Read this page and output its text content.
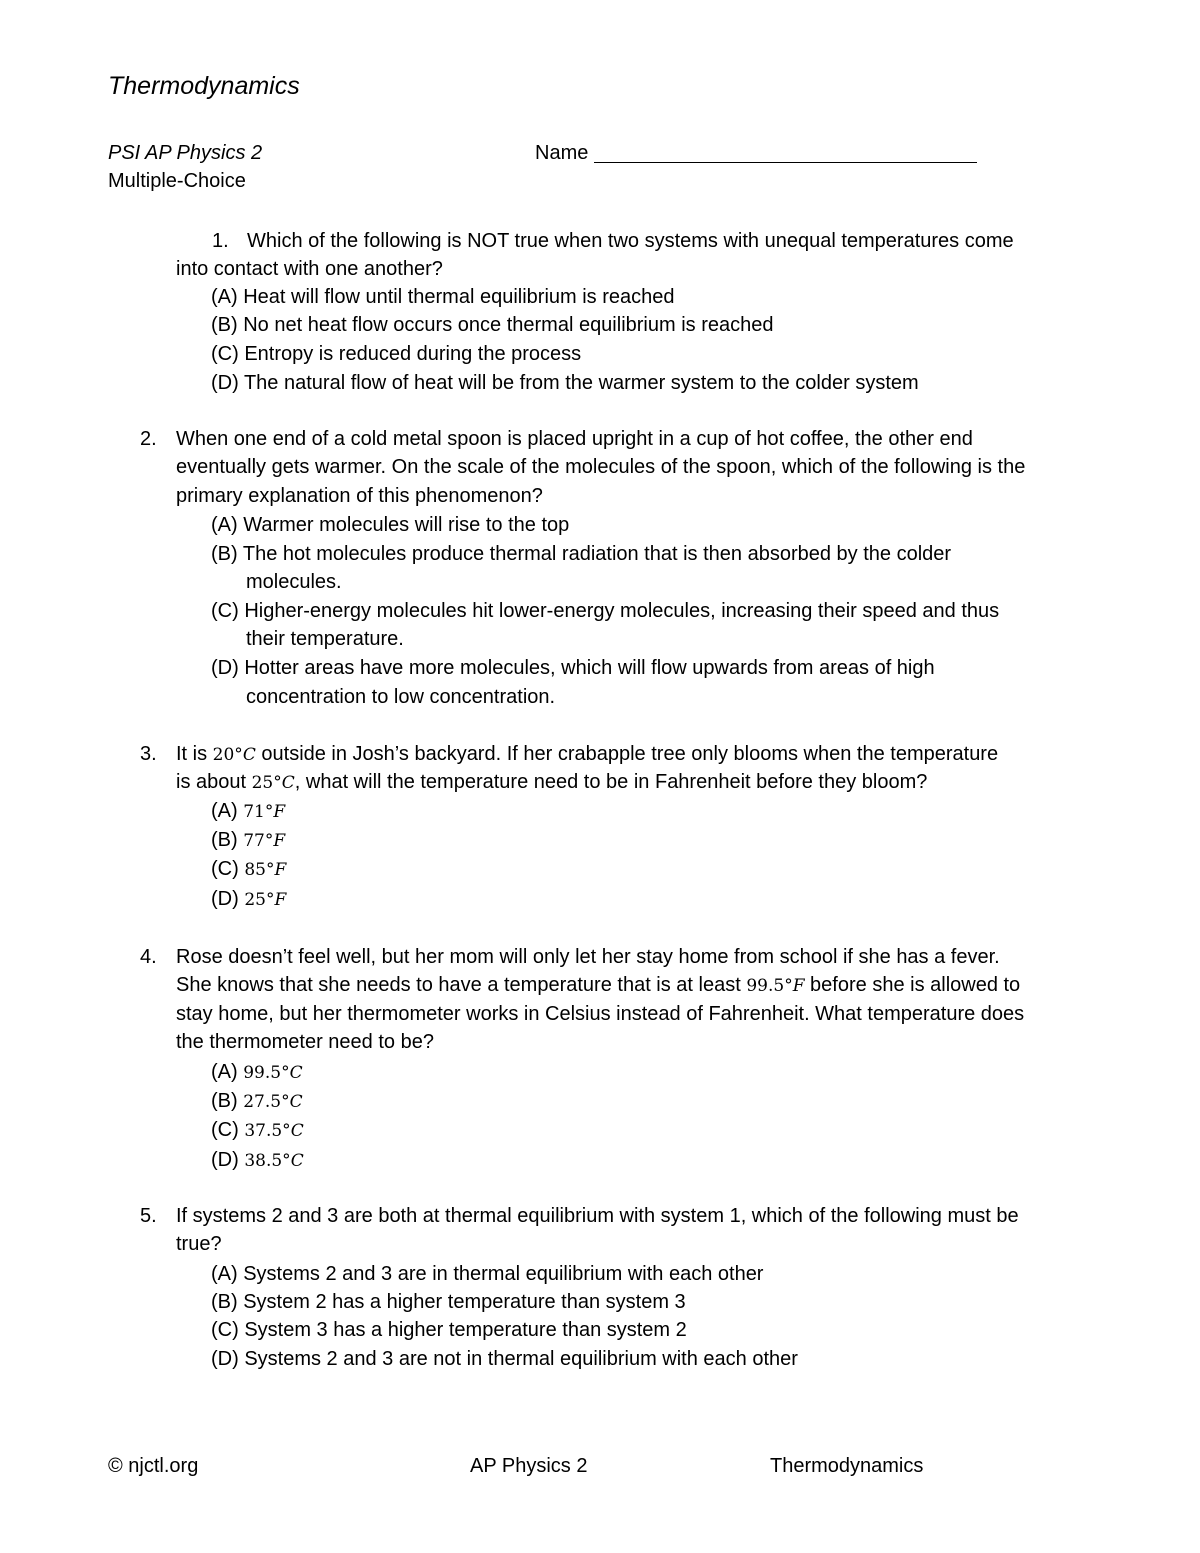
Thermodynamics
PSI AP Physics 2	Name
Multiple-Choice
1. Which of the following is NOT true when two systems with unequal temperatures come
into contact with one another?
(A) Heat will flow until thermal equilibrium is reached
(B) No net heat flow occurs once thermal equilibrium is reached
(C) Entropy is reduced during the process
(D) The natural flow of heat will be from the warmer system to the colder system
2. When one end of a cold metal spoon is placed upright in a cup of hot coffee, the other end
eventually gets warmer. On the scale of the molecules of the spoon, which of the following is the
primary explanation of this phenomenon?
(A) Warmer molecules will rise to the top
(B) The hot molecules produce thermal radiation that is then absorbed by the colder
molecules.
(C) Higher-energy molecules hit lower-energy molecules, increasing their speed and thus
their temperature.
(D) Hotter areas have more molecules, which will flow upwards from areas of high
concentration to low concentration.
3. It is 20°C outside in Josh’s backyard. If her crabapple tree only blooms when the temperature
is about 25°C, what will the temperature need to be in Fahrenheit before they bloom?
(A) 71°F
(B) 77°F
(C) 85°F
(D) 25°F
4. Rose doesn’t feel well, but her mom will only let her stay home from school if she has a fever.
She knows that she needs to have a temperature that is at least 99.5°F before she is allowed to
stay home, but her thermometer works in Celsius instead of Fahrenheit. What temperature does
the thermometer need to be?
(A) 99.5°C
(B) 27.5°C
(C) 37.5°C
(D) 38.5°C
5. If systems 2 and 3 are both at thermal equilibrium with system 1, which of the following must be
true?
(A) Systems 2 and 3 are in thermal equilibrium with each other
(B) System 2 has a higher temperature than system 3
(C) System 3 has a higher temperature than system 2
(D) Systems 2 and 3 are not in thermal equilibrium with each other
© njctl.org	AP Physics 2	Thermodynamics
